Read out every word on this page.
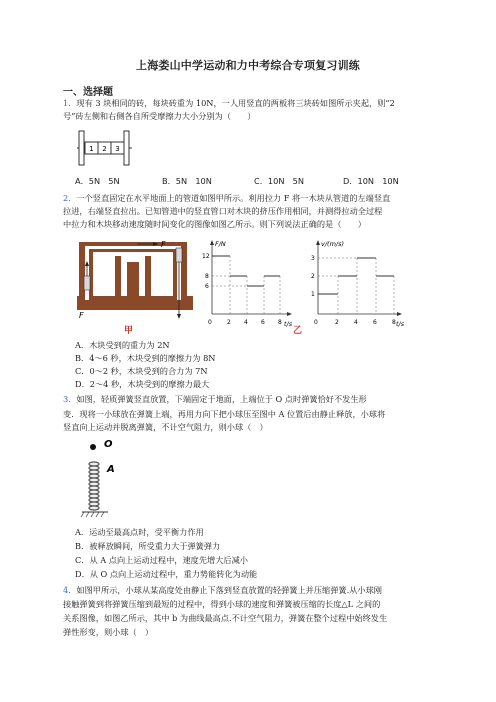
上海娄山中学运动和力中考综合专项复习训练
一、选择题
1．现有 3 块相同的砖，每块砖重为 10N，一人用竖直的两板将三块砖如图所示夹起，则“2
号”砖左侧和右侧各自所受摩擦力大小分别为（　　）
1 2 3
A．5N　5N	B．5N　10N	C．10N　5N	D．10N　10N
2．一个竖直固定在水平地面上的管道如图甲所示。利用拉力 F 将一木块从管道的左端竖直
拉进，右端竖直拉出。已知管道中的竖直管口对木块的挤压作用相同，并测得拉动全过程
中拉力和木块移动速度随时间变化的图像如图乙所示。则下列说法正确的是（　　）
F
F
甲
F/N
t/s
12
8
6
0	2 4 6 8
v/(m/s)
t/s
3
2
1
0	2	4	6	8
乙
A．木块受到的重力为 2N
B．4～6 秒，木块受到的摩擦力为 8N
C．0～2 秒，木块受到的合力为 7N
D．2～4 秒，木块受到的摩擦力最大
3．如图，轻质弹簧竖直放置，下端固定于地面，上端位于 O 点时弹簧恰好不发生形
变．现将一小球放在弹簧上端，再用力向下把小球压至图中 A 位置后由静止释放，小球将
竖直向上运动并脱离弹簧，不计空气阻力，则小球（　）
O
A
A．运动至最高点时，受平衡力作用
B．被释放瞬间，所受重力大于弹簧弹力
C．从 A 点向上运动过程中，速度先增大后减小
D．从 O 点向上运动过程中，重力势能转化为动能
4．如图甲所示，小球从某高度处由静止下落到竖直放置的轻弹簧上并压缩弹簧.从小球刚
接触弹簧到将弹簧压缩到最短的过程中，得到小球的速度和弹簧被压缩的长度△L 之间的
关系图像，如图乙所示，其中 b 为曲线最高点.不计空气阻力，弹簧在整个过程中始终发生
弹性形变，则小球（　）
